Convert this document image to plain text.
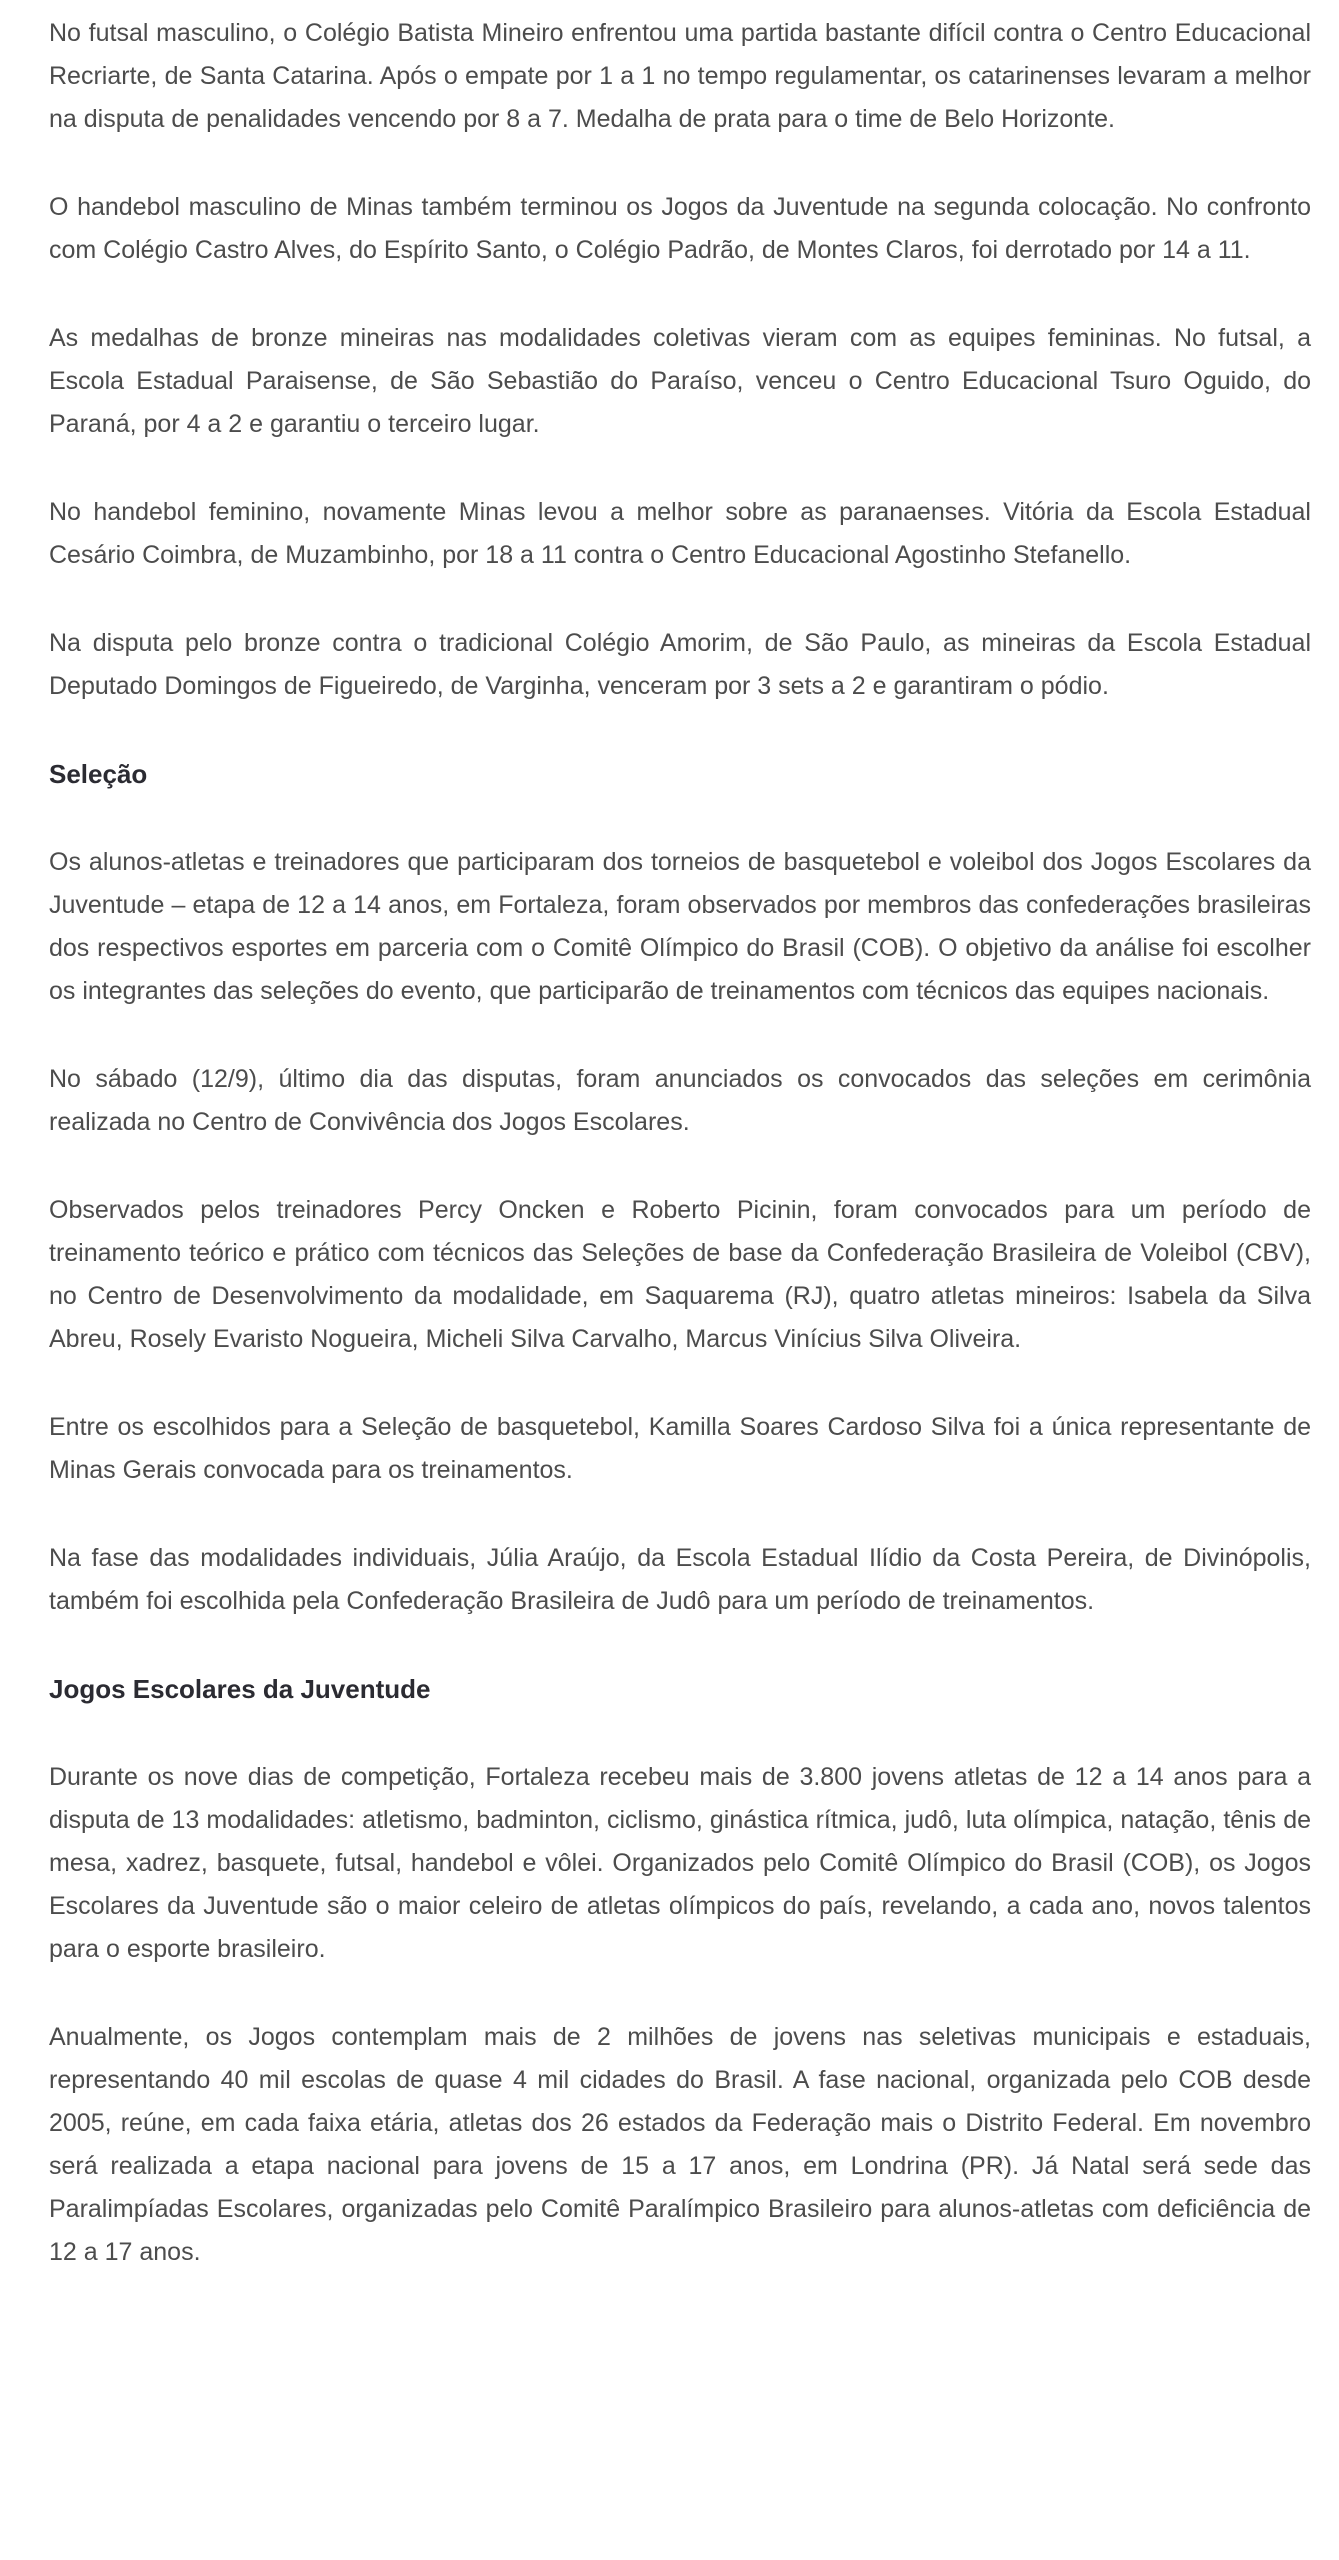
No futsal masculino, o Colégio Batista Mineiro enfrentou uma partida bastante difícil contra o Centro Educacional Recriarte, de Santa Catarina. Após o empate por 1 a 1 no tempo regulamentar, os catarinenses levaram a melhor na disputa de penalidades vencendo por 8 a 7. Medalha de prata para o time de Belo Horizonte.

O handebol masculino de Minas também terminou os Jogos da Juventude na segunda colocação. No confronto com Colégio Castro Alves, do Espírito Santo, o Colégio Padrão, de Montes Claros, foi derrotado por 14 a 11.

As medalhas de bronze mineiras nas modalidades coletivas vieram com as equipes femininas. No futsal, a Escola Estadual Paraisense, de São Sebastião do Paraíso, venceu o Centro Educacional Tsuro Oguido, do Paraná, por 4 a 2 e garantiu o terceiro lugar.

No handebol feminino, novamente Minas levou a melhor sobre as paranaenses. Vitória da Escola Estadual Cesário Coimbra, de Muzambinho, por 18 a 11 contra o Centro Educacional Agostinho Stefanello.

Na disputa pelo bronze contra o tradicional Colégio Amorim, de São Paulo, as mineiras da Escola Estadual Deputado Domingos de Figueiredo, de Varginha, venceram por 3 sets a 2 e garantiram o pódio.

Seleção

Os alunos-atletas e treinadores que participaram dos torneios de basquetebol e voleibol dos Jogos Escolares da Juventude – etapa de 12 a 14 anos, em Fortaleza, foram observados por membros das confederações brasileiras dos respectivos esportes em parceria com o Comitê Olímpico do Brasil (COB). O objetivo da análise foi escolher os integrantes das seleções do evento, que participarão de treinamentos com técnicos das equipes nacionais.

No sábado (12/9), último dia das disputas, foram anunciados os convocados das seleções em cerimônia realizada no Centro de Convivência dos Jogos Escolares.

Observados pelos treinadores Percy Oncken e Roberto Picinin, foram convocados para um período de treinamento teórico e prático com técnicos das Seleções de base da Confederação Brasileira de Voleibol (CBV), no Centro de Desenvolvimento da modalidade, em Saquarema (RJ), quatro atletas mineiros: Isabela da Silva Abreu, Rosely Evaristo Nogueira, Micheli Silva Carvalho, Marcus Vinícius Silva Oliveira.

Entre os escolhidos para a Seleção de basquetebol, Kamilla Soares Cardoso Silva foi a única representante de Minas Gerais convocada para os treinamentos.

Na fase das modalidades individuais, Júlia Araújo, da Escola Estadual Ilídio da Costa Pereira, de Divinópolis, também foi escolhida pela Confederação Brasileira de Judô para um período de treinamentos.

Jogos Escolares da Juventude

Durante os nove dias de competição, Fortaleza recebeu mais de 3.800 jovens atletas de 12 a 14 anos para a disputa de 13 modalidades: atletismo, badminton, ciclismo, ginástica rítmica, judô, luta olímpica, natação, tênis de mesa, xadrez, basquete, futsal, handebol e vôlei. Organizados pelo Comitê Olímpico do Brasil (COB), os Jogos Escolares da Juventude são o maior celeiro de atletas olímpicos do país, revelando, a cada ano, novos talentos para o esporte brasileiro.

Anualmente, os Jogos contemplam mais de 2 milhões de jovens nas seletivas municipais e estaduais, representando 40 mil escolas de quase 4 mil cidades do Brasil. A fase nacional, organizada pelo COB desde 2005, reúne, em cada faixa etária, atletas dos 26 estados da Federação mais o Distrito Federal. Em novembro será realizada a etapa nacional para jovens de 15 a 17 anos, em Londrina (PR). Já Natal será sede das Paralimpíadas Escolares, organizadas pelo Comitê Paralímpico Brasileiro para alunos-atletas com deficiência de 12 a 17 anos.
